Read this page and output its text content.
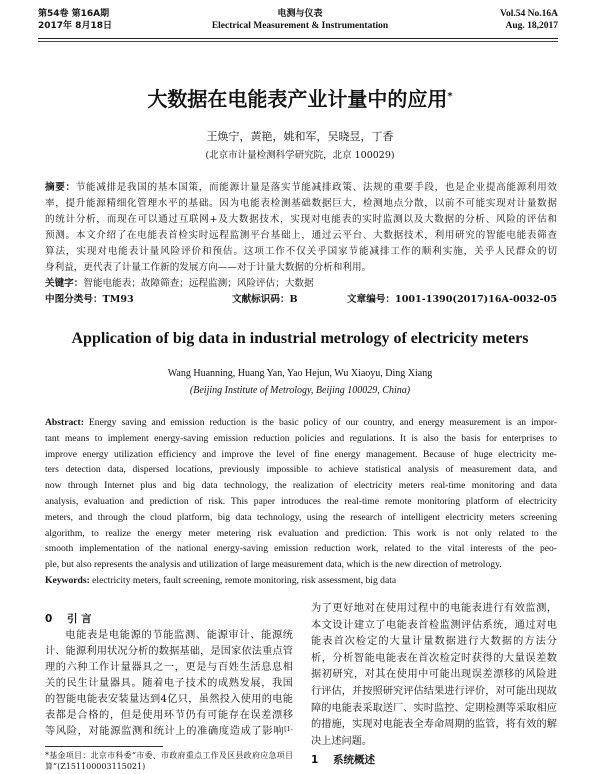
第54卷 第16A期
2017年 8月18日
电测与仪表
Electrical Measurement & Instrumentation
Vol.54 No.16A
Aug. 18,2017
大数据在电能表产业计量中的应用*
王焕宁，黄艳，姚和军，吴晓昱，丁香
(北京市计量检测科学研究院，北京 100029)
摘要：节能减排是我国的基本国策，而能源计量是落实节能减排政策、法规的重要手段，也是企业提高能源利用效
率，提升能源精细化管理水平的基础。因为电能表检测基础数据巨大，检测地点分散，以前不可能实现对计量数据
的统计分析，而现在可以通过互联网+及大数据技术，实现对电能表的实时监测以及大数据的分析、风险的评估和
预测。本文介绍了在电能表首检实时远程监测平台基础上，通过云平台、大数据技术，利用研究的智能电能表筛查
算法，实现对电能表计量风险评价和预估。这项工作不仅关乎国家节能减排工作的顺利实施，关乎人民群众的切
身利益，更代表了计量工作新的发展方向——对于计量大数据的分析和利用。
关键字：智能电能表；故障筛查；远程监测；风险评估；大数据
中图分类号：TM93	文献标识码：B	文章编号：1001-1390(2017)16A-0032-05
Application of big data in industrial metrology of electricity meters
Wang Huanning, Huang Yan, Yao Hejun, Wu Xiaoyu, Ding Xiang
(Beijing Institute of Metrology, Beijing 100029, China)
Abstract: Energy saving and emission reduction is the basic policy of our country, and energy measurement is an impor-
tant means to implement energy-saving emission reduction policies and regulations. It is also the basis for enterprises to
improve energy utilization efficiency and improve the level of fine energy management. Because of huge electricity me-
ters detection data, dispersed locations, previously impossible to achieve statistical analysis of measurement data, and
now through Internet plus and big data technology, the realization of electricity meters real-time monitoring and data
analysis, evaluation and prediction of risk. This paper introduces the real-time remote monitoring platform of electricity
meters, and through the cloud platform, big data technology, using the research of intelligent electricity meters screening
algorithm, to realize the energy meter metering risk evaluation and prediction. This work is not only related to the
smooth implementation of the national energy-saving emission reduction work, related to the vital interests of the peo-
ple, but also represents the analysis and utilization of large measurement data, which is the new direction of metrology.
Keywords: electricity meters, fault screening, remote monitoring, risk assessment, big data
0 引 言
电能表是电能源的节能监测、能源审计、能源统
计、能源利用状况分析的数据基础，是国家依法重点管
理的六种工作计量器具之一，更是与百姓生活息息相
关的民生计量器具。随着电子技术的成熟发展，我国
的智能电能表安装量达到4亿只，虽然投入使用的电能
表都是合格的，但是使用环节仍有可能存在误差漂移
等风险，对能源监测和统计上的准确度造成了影响$^{[1-}$
为了更好地对在使用过程中的电能表进行有效监测，
本文设计建立了电能表首检监测评估系统，通过对电
能表首次检定的大量计量数据进行大数据的方法分
析，分析智能电能表在首次检定时获得的大量误差数
据初研究，对其在使用中可能出现误差漂移的风险进
行评估，并按照研究评估结果进行评价，对可能出现故
障的电能表采取送厂、实时监控、定期检测等采取相应
的措施，实现对电能表全寿命周期的监管，将有效的解
决上述问题。
1 系统概述
*基金项目：北京市科委“市委、市政府重点工作及区县政府应急项目
算”(Z151100003115021)
